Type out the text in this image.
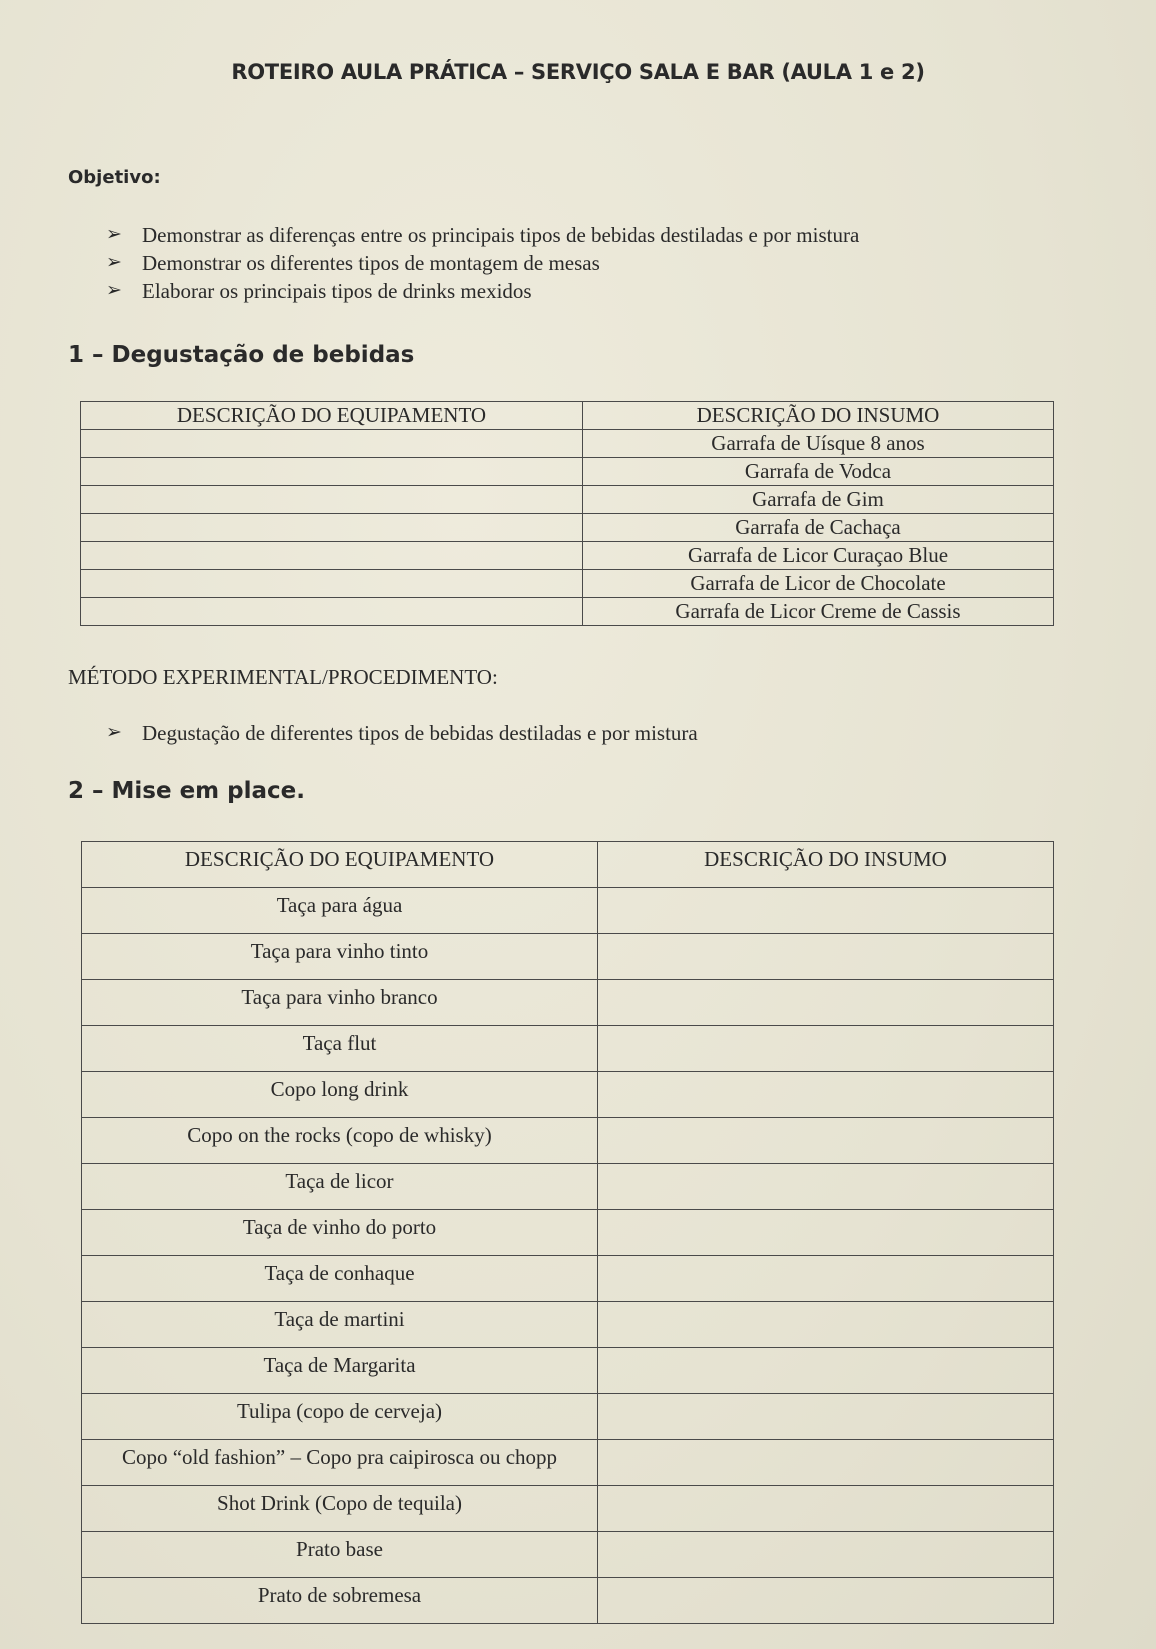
ROTEIRO AULA PRÁTICA – SERVIÇO SALA E BAR (AULA 1 e 2)
Objetivo:
➢ Demonstrar as diferenças entre os principais tipos de bebidas destiladas e por mistura
➢ Demonstrar os diferentes tipos de montagem de mesas
➢ Elaborar os principais tipos de drinks mexidos
1 – Degustação de bebidas
DESCRIÇÃO DO EQUIPAMENTO	DESCRIÇÃO DO INSUMO
	Garrafa de Uísque 8 anos
	Garrafa de Vodca
	Garrafa de Gim
	Garrafa de Cachaça
	Garrafa de Licor Curaçao Blue
	Garrafa de Licor de Chocolate
	Garrafa de Licor Creme de Cassis
MÉTODO EXPERIMENTAL/PROCEDIMENTO:
➢ Degustação de diferentes tipos de bebidas destiladas e por mistura
2 – Mise em place.
DESCRIÇÃO DO EQUIPAMENTO	DESCRIÇÃO DO INSUMO
Taça para água	
Taça para vinho tinto	
Taça para vinho branco	
Taça flut	
Copo long drink	
Copo on the rocks (copo de whisky)	
Taça de licor	
Taça de vinho do porto	
Taça de conhaque	
Taça de martini	
Taça de Margarita	
Tulipa (copo de cerveja)	
Copo “old fashion” – Copo pra caipirosca ou chopp	
Shot Drink (Copo de tequila)	
Prato base	
Prato de sobremesa	
